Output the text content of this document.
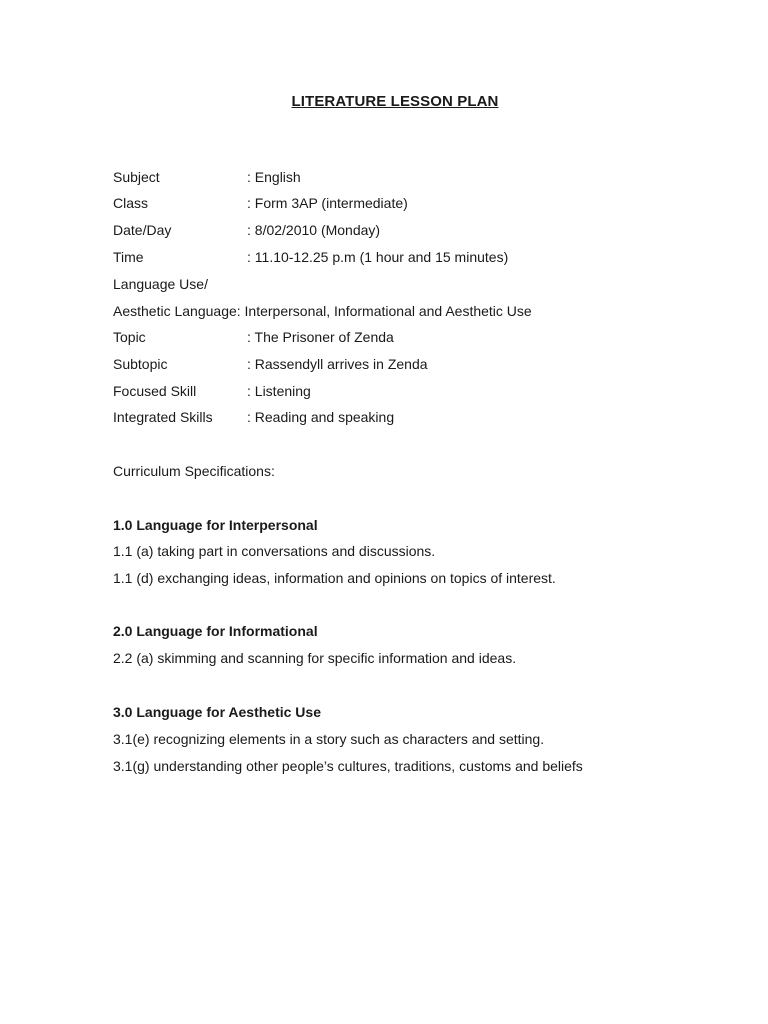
LITERATURE LESSON PLAN
Subject	: English
Class	: Form 3AP (intermediate)
Date/Day	: 8/02/2010 (Monday)
Time	: 11.10-12.25 p.m (1 hour and 15 minutes)
Language Use/
Aesthetic Language: Interpersonal, Informational and Aesthetic Use
Topic	: The Prisoner of Zenda
Subtopic	: Rassendyll arrives in Zenda
Focused Skill	: Listening
Integrated Skills : Reading and speaking
Curriculum Specifications:
1.0 Language for Interpersonal
1.1 (a) taking part in conversations and discussions.
1.1 (d) exchanging ideas, information and opinions on topics of interest.
2.0 Language for Informational
2.2 (a) skimming and scanning for specific information and ideas.
3.0 Language for Aesthetic Use
3.1(e) recognizing elements in a story such as characters and setting.
3.1(g) understanding other people’s cultures, traditions, customs and beliefs
